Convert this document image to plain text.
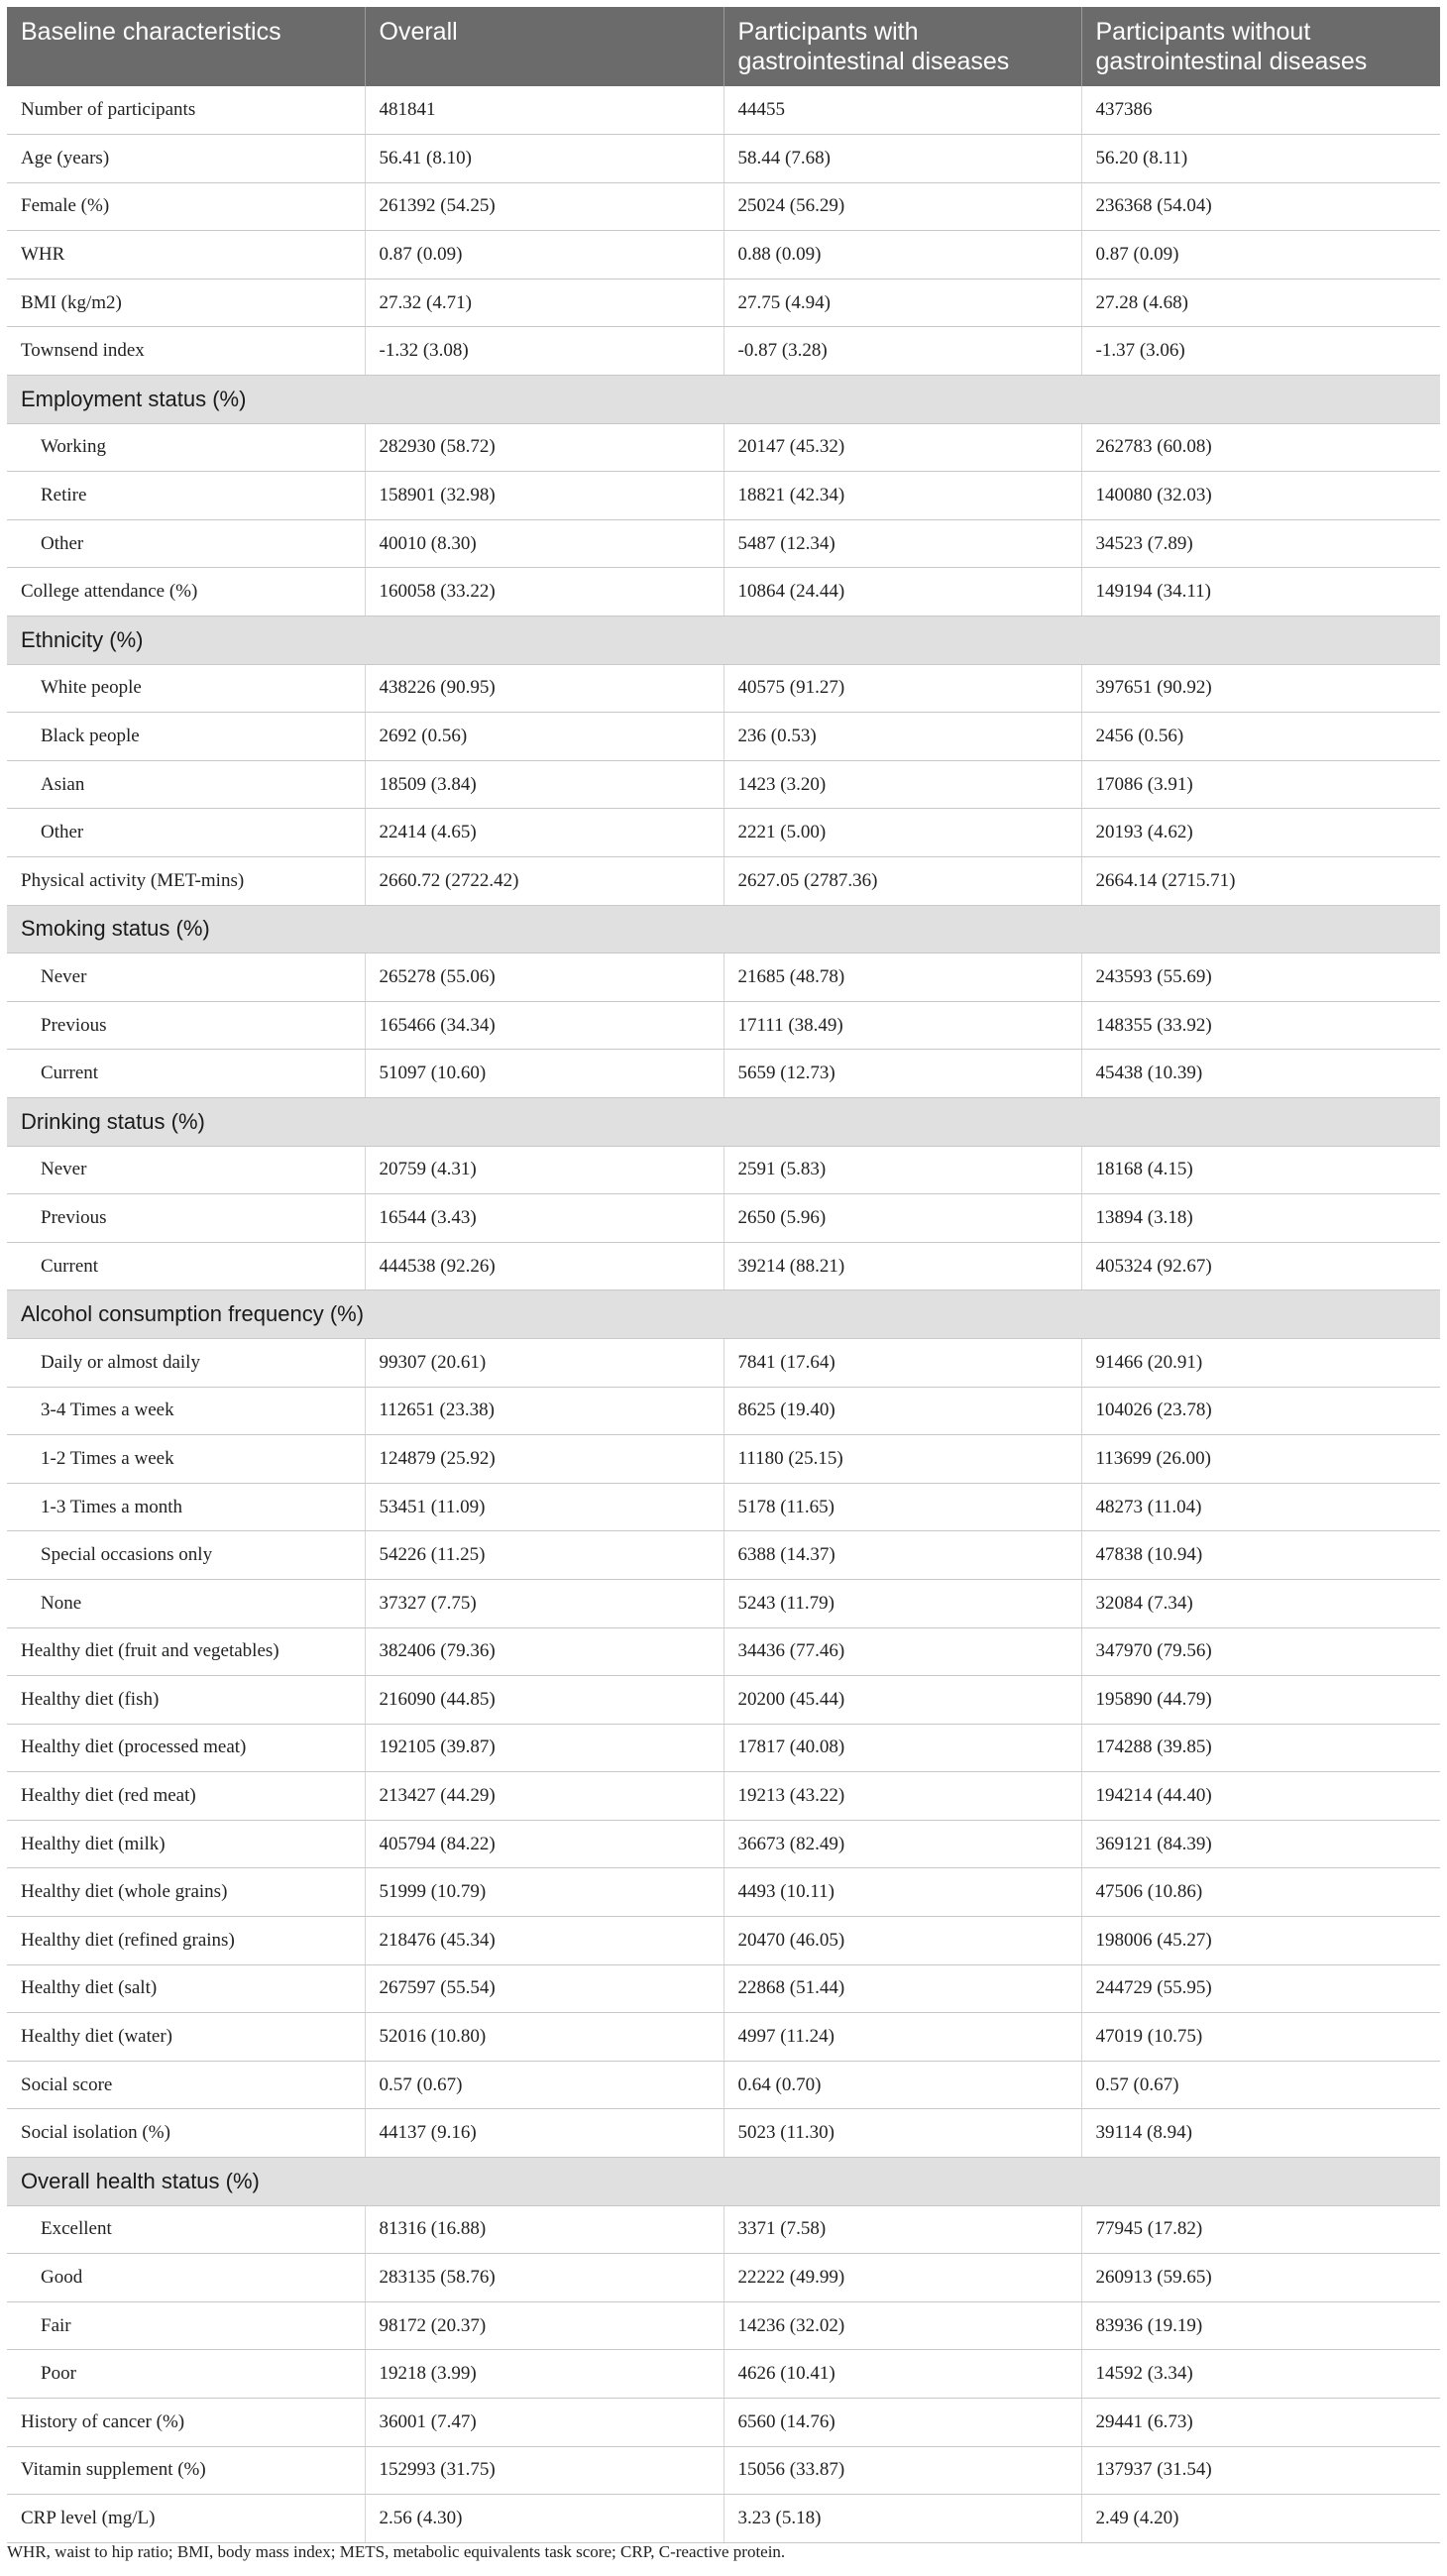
Baseline characteristics	Overall	Participants with gastrointestinal diseases	Participants without gastrointestinal diseases
Number of participants	481841	44455	437386
Age (years)	56.41 (8.10)	58.44 (7.68)	56.20 (8.11)
Female (%)	261392 (54.25)	25024 (56.29)	236368 (54.04)
WHR	0.87 (0.09)	0.88 (0.09)	0.87 (0.09)
BMI (kg/m2)	27.32 (4.71)	27.75 (4.94)	27.28 (4.68)
Townsend index	-1.32 (3.08)	-0.87 (3.28)	-1.37 (3.06)
Employment status (%)			
Working	282930 (58.72)	20147 (45.32)	262783 (60.08)
Retire	158901 (32.98)	18821 (42.34)	140080 (32.03)
Other	40010 (8.30)	5487 (12.34)	34523 (7.89)
College attendance (%)	160058 (33.22)	10864 (24.44)	149194 (34.11)
Ethnicity (%)			
White people	438226 (90.95)	40575 (91.27)	397651 (90.92)
Black people	2692 (0.56)	236 (0.53)	2456 (0.56)
Asian	18509 (3.84)	1423 (3.20)	17086 (3.91)
Other	22414 (4.65)	2221 (5.00)	20193 (4.62)
Physical activity (MET-mins)	2660.72 (2722.42)	2627.05 (2787.36)	2664.14 (2715.71)
Smoking status (%)			
Never	265278 (55.06)	21685 (48.78)	243593 (55.69)
Previous	165466 (34.34)	17111 (38.49)	148355 (33.92)
Current	51097 (10.60)	5659 (12.73)	45438 (10.39)
Drinking status (%)			
Never	20759 (4.31)	2591 (5.83)	18168 (4.15)
Previous	16544 (3.43)	2650 (5.96)	13894 (3.18)
Current	444538 (92.26)	39214 (88.21)	405324 (92.67)
Alcohol consumption frequency (%)			
Daily or almost daily	99307 (20.61)	7841 (17.64)	91466 (20.91)
3-4 Times a week	112651 (23.38)	8625 (19.40)	104026 (23.78)
1-2 Times a week	124879 (25.92)	11180 (25.15)	113699 (26.00)
1-3 Times a month	53451 (11.09)	5178 (11.65)	48273 (11.04)
Special occasions only	54226 (11.25)	6388 (14.37)	47838 (10.94)
None	37327 (7.75)	5243 (11.79)	32084 (7.34)
Healthy diet (fruit and vegetables)	382406 (79.36)	34436 (77.46)	347970 (79.56)
Healthy diet (fish)	216090 (44.85)	20200 (45.44)	195890 (44.79)
Healthy diet (processed meat)	192105 (39.87)	17817 (40.08)	174288 (39.85)
Healthy diet (red meat)	213427 (44.29)	19213 (43.22)	194214 (44.40)
Healthy diet (milk)	405794 (84.22)	36673 (82.49)	369121 (84.39)
Healthy diet (whole grains)	51999 (10.79)	4493 (10.11)	47506 (10.86)
Healthy diet (refined grains)	218476 (45.34)	20470 (46.05)	198006 (45.27)
Healthy diet (salt)	267597 (55.54)	22868 (51.44)	244729 (55.95)
Healthy diet (water)	52016 (10.80)	4997 (11.24)	47019 (10.75)
Social score	0.57 (0.67)	0.64 (0.70)	0.57 (0.67)
Social isolation (%)	44137 (9.16)	5023 (11.30)	39114 (8.94)
Overall health status (%)			
Excellent	81316 (16.88)	3371 (7.58)	77945 (17.82)
Good	283135 (58.76)	22222 (49.99)	260913 (59.65)
Fair	98172 (20.37)	14236 (32.02)	83936 (19.19)
Poor	19218 (3.99)	4626 (10.41)	14592 (3.34)
History of cancer (%)	36001 (7.47)	6560 (14.76)	29441 (6.73)
Vitamin supplement (%)	152993 (31.75)	15056 (33.87)	137937 (31.54)
CRP level (mg/L)	2.56 (4.30)	3.23 (5.18)	2.49 (4.20)
WHR, waist to hip ratio; BMI, body mass index; METS, metabolic equivalents task score; CRP, C-reactive protein.
